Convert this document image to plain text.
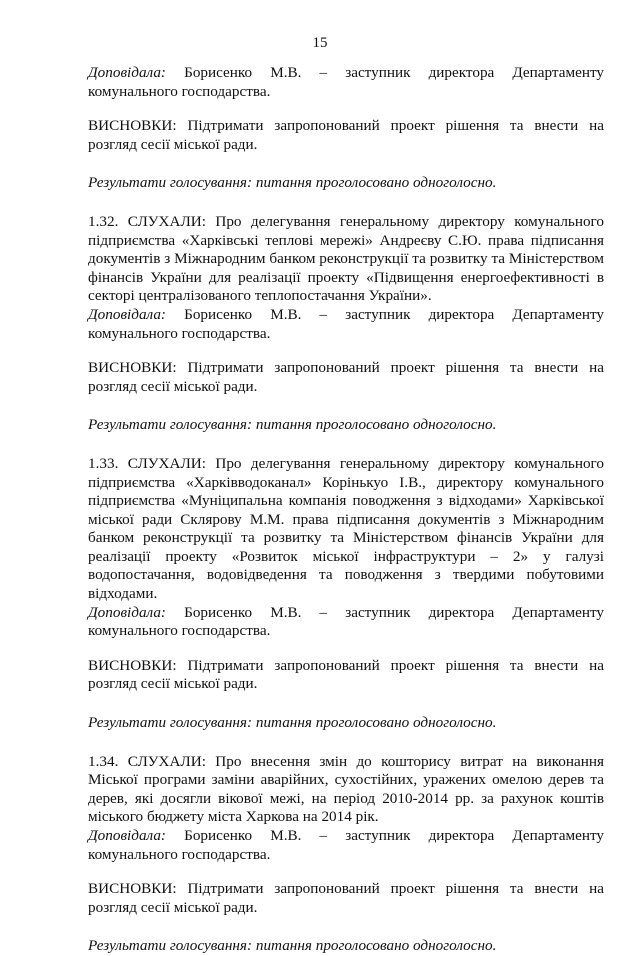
15

Доповідала: Борисенко М.В. – заступник директора Департаменту комунального господарства.

ВИСНОВКИ: Підтримати запропонований проект рішення та внести на розгляд сесії міської ради.

Результати голосування: питання проголосовано одноголосно.

1.32. СЛУХАЛИ: Про делегування генеральному директору комунального підприємства «Харківські теплові мережі» Андреєву С.Ю. права підписання документів з Міжнародним банком реконструкції та розвитку та Міністерством фінансів України для реалізації проекту «Підвищення енергоефективності в секторі централізованого теплопостачання України».

Доповідала: Борисенко М.В. – заступник директора Департаменту комунального господарства.

ВИСНОВКИ: Підтримати запропонований проект рішення та внести на розгляд сесії міської ради.

Результати голосування: питання проголосовано одноголосно.

1.33. СЛУХАЛИ: Про делегування генеральному директору комунального підприємства «Харківводоканал» Корінькуо І.В., директору комунального підприємства «Муніципальна компанія поводження з відходами» Харківської міської ради Склярову М.М. права підписання документів з Міжнародним банком реконструкції та розвитку та Міністерством фінансів України для реалізації проекту «Розвиток міської інфраструктури – 2» у галузі водопостачання, водовідведення та поводження з твердими побутовими відходами.

Доповідала: Борисенко М.В. – заступник директора Департаменту комунального господарства.

ВИСНОВКИ: Підтримати запропонований проект рішення та внести на розгляд сесії міської ради.

Результати голосування: питання проголосовано одноголосно.

1.34. СЛУХАЛИ: Про внесення змін до кошторису витрат на виконання Міської програми заміни аварійних, сухостійних, уражених омелою дерев та дерев, які досягли вікової межі, на період 2010-2014 рр. за рахунок коштів міського бюджету міста Харкова на 2014 рік.

Доповідала: Борисенко М.В. – заступник директора Департаменту комунального господарства.

ВИСНОВКИ: Підтримати запропонований проект рішення та внести на розгляд сесії міської ради.

Результати голосування: питання проголосовано одноголосно.
